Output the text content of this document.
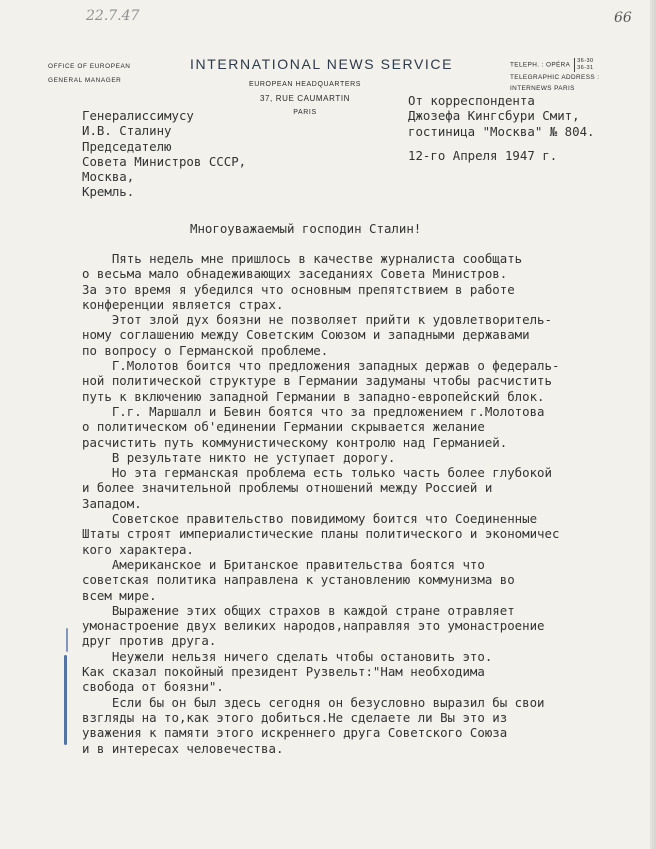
22.7.47	66
OFFICE OF EUROPEAN
GENERAL MANAGER
INTERNATIONAL NEWS SERVICE
EUROPEAN HEADQUARTERS
37, RUE CAUMARTIN
PARIS
TELEPH. : OPÉRA
36-30
36-31
TELEGRAPHIC ADDRESS :
INTERNEWS PARIS
Генералиссимусу
И.В. Сталину
Председателю
Совета Министров СССР,
Москва,
Кремль.
От корреспондента
Джозефа Кингсбури Смит,
гостиница "Москва" № 804.
12-го Апреля 1947 г.
Многоуважаемый господин Сталин!
Пять недель мне пришлось в качестве журналиста сообщать
о весьма мало обнадеживающих заседаниях Совета Министров.
За это время я убедился что основным препятствием в работе
конференции является страх.
Этот злой дух боязни не позволяет прийти к удовлетворитель-
ному соглашению между Советским Союзом и западными державами
по вопросу о Германской проблеме.
Г.Молотов боится что предложения западных держав о федераль-
ной политической структуре в Германии задуманы чтобы расчистить
путь к включению западной Германии в западно-европейский блок.
Г.г. Маршалл и Бевин боятся что за предложением г.Молотова
о политическом об'единении Германии скрывается желание
расчистить путь коммунистическому контролю над Германией.
В результате никто не уступает дорогу.
Но эта германская проблема есть только часть более глубокой
и более значительной проблемы отношений между Россией и
Западом.
Советское правительство повидимому боится что Соединенные
Штаты строят империалистические планы политического и экономичес
кого характера.
Американское и Британское правительства боятся что
советская политика направлена к установлению коммунизма во
всем мире.
Выражение этих общих страхов в каждой стране отравляет
умонастроение двух великих народов,направляя это умонастроение
друг против друга.
Неужели нельзя ничего сделать чтобы остановить это.
Как сказал покойный президент Рузвельт:"Нам необходима
свобода от боязни".
Если бы он был здесь сегодня он безусловно выразил бы свои
взгляды на то,как этого добиться.Не сделаете ли Вы это из
уважения к памяти этого искреннего друга Советского Союза
и в интересах человечества.
